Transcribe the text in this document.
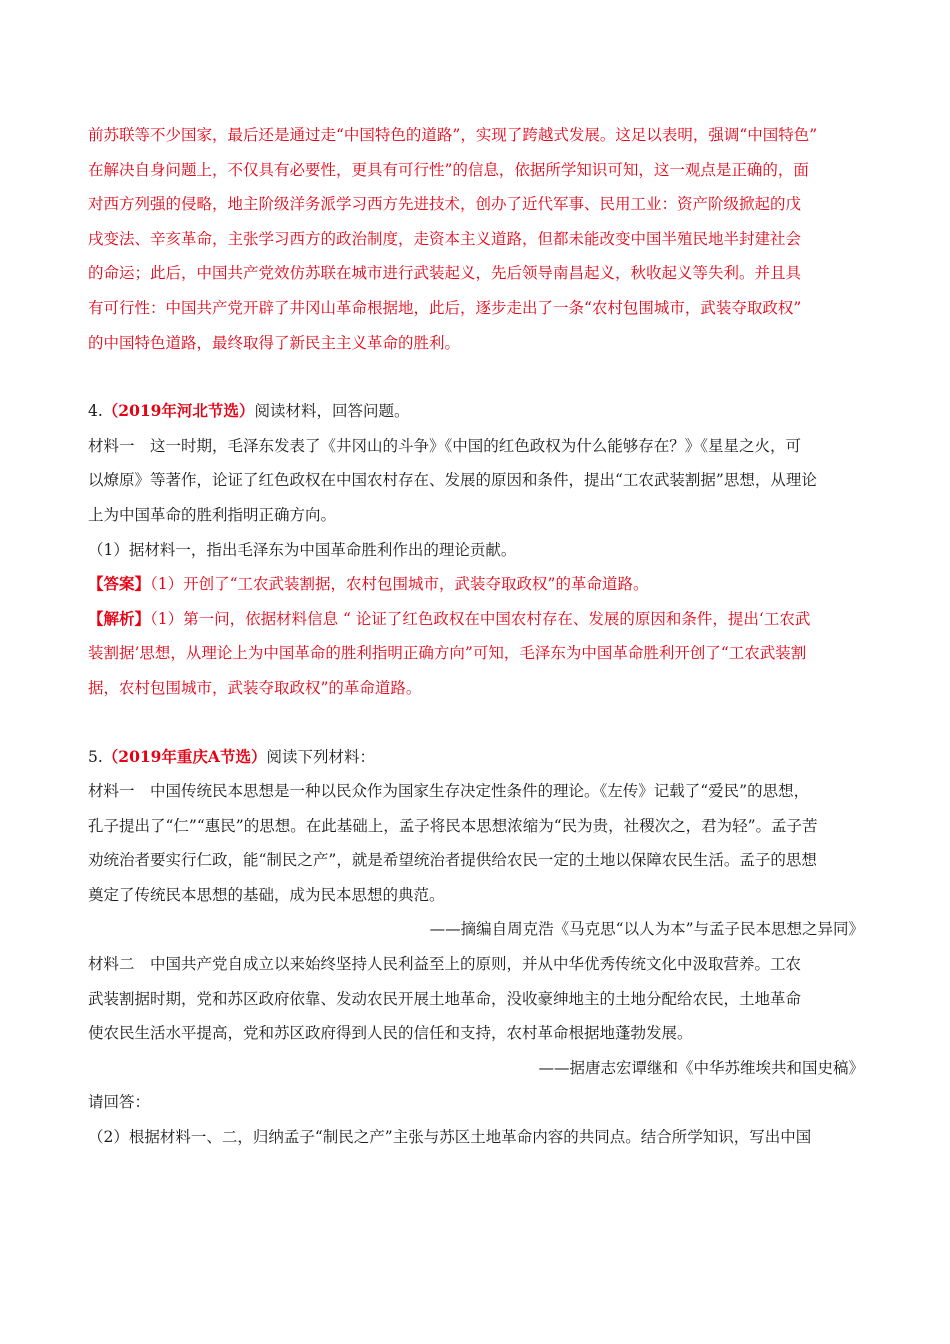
前苏联等不少国家，最后还是通过走“中国特色的道路”，实现了跨越式发展。这足以表明，强调“中国特色”

在解决自身问题上，不仅具有必要性，更具有可行性”的信息，依据所学知识可知，这一观点是正确的，面

对西方列强的侵略，地主阶级洋务派学习西方先进技术，创办了近代军事、民用工业：资产阶级掀起的戊

戌变法、辛亥革命，主张学习西方的政治制度，走资本主义道路，但都未能改变中国半殖民地半封建社会

的命运；此后，中国共产党效仿苏联在城市进行武装起义，先后领导南昌起义，秋收起义等失利。并且具

有可行性：中国共产党开辟了井冈山革命根据地，此后，逐步走出了一条“农村包围城市，武装夺取政权”

的中国特色道路，最终取得了新民主主义革命的胜利。

4.（2019年河北节选）阅读材料，回答问题。

材料一　这一时期，毛泽东发表了《井冈山的斗争》《中国的红色政权为什么能够存在？》《星星之火，可

以燎原》等著作，论证了红色政权在中国农村存在、发展的原因和条件，提出“工农武装割据”思想，从理论

上为中国革命的胜利指明正确方向。

（1）据材料一，指出毛泽东为中国革命胜利作出的理论贡献。

【答案】（1）开创了“工农武装割据，农村包围城市，武装夺取政权”的革命道路。

【解析】（1）第一问，依据材料信息 “ 论证了红色政权在中国农村存在、发展的原因和条件，提出‘工农武

装割据’思想，从理论上为中国革命的胜利指明正确方向”可知，毛泽东为中国革命胜利开创了“工农武装割

据，农村包围城市，武装夺取政权”的革命道路。

5.（2019年重庆A节选）阅读下列材料：

材料一　中国传统民本思想是一种以民众作为国家生存决定性条件的理论。《左传》记载了“爱民”的思想，

孔子提出了“仁”“惠民”的思想。在此基础上，孟子将民本思想浓缩为“民为贵，社稷次之，君为轻”。孟子苦

劝统治者要实行仁政，能“制民之产”，就是希望统治者提供给农民一定的土地以保障农民生活。孟子的思想

奠定了传统民本思想的基础，成为民本思想的典范。

——摘编自周克浩《马克思“以人为本”与孟子民本思想之异同》

材料二　中国共产党自成立以来始终坚持人民利益至上的原则，并从中华优秀传统文化中汲取营养。工农

武装割据时期，党和苏区政府依靠、发动农民开展土地革命，没收豪绅地主的土地分配给农民，土地革命

使农民生活水平提高，党和苏区政府得到人民的信任和支持，农村革命根据地蓬勃发展。

——据唐志宏谭继和《中华苏维埃共和国史稿》

请回答：

（2）根据材料一、二，归纳孟子“制民之产”主张与苏区土地革命内容的共同点。结合所学知识，写出中国
